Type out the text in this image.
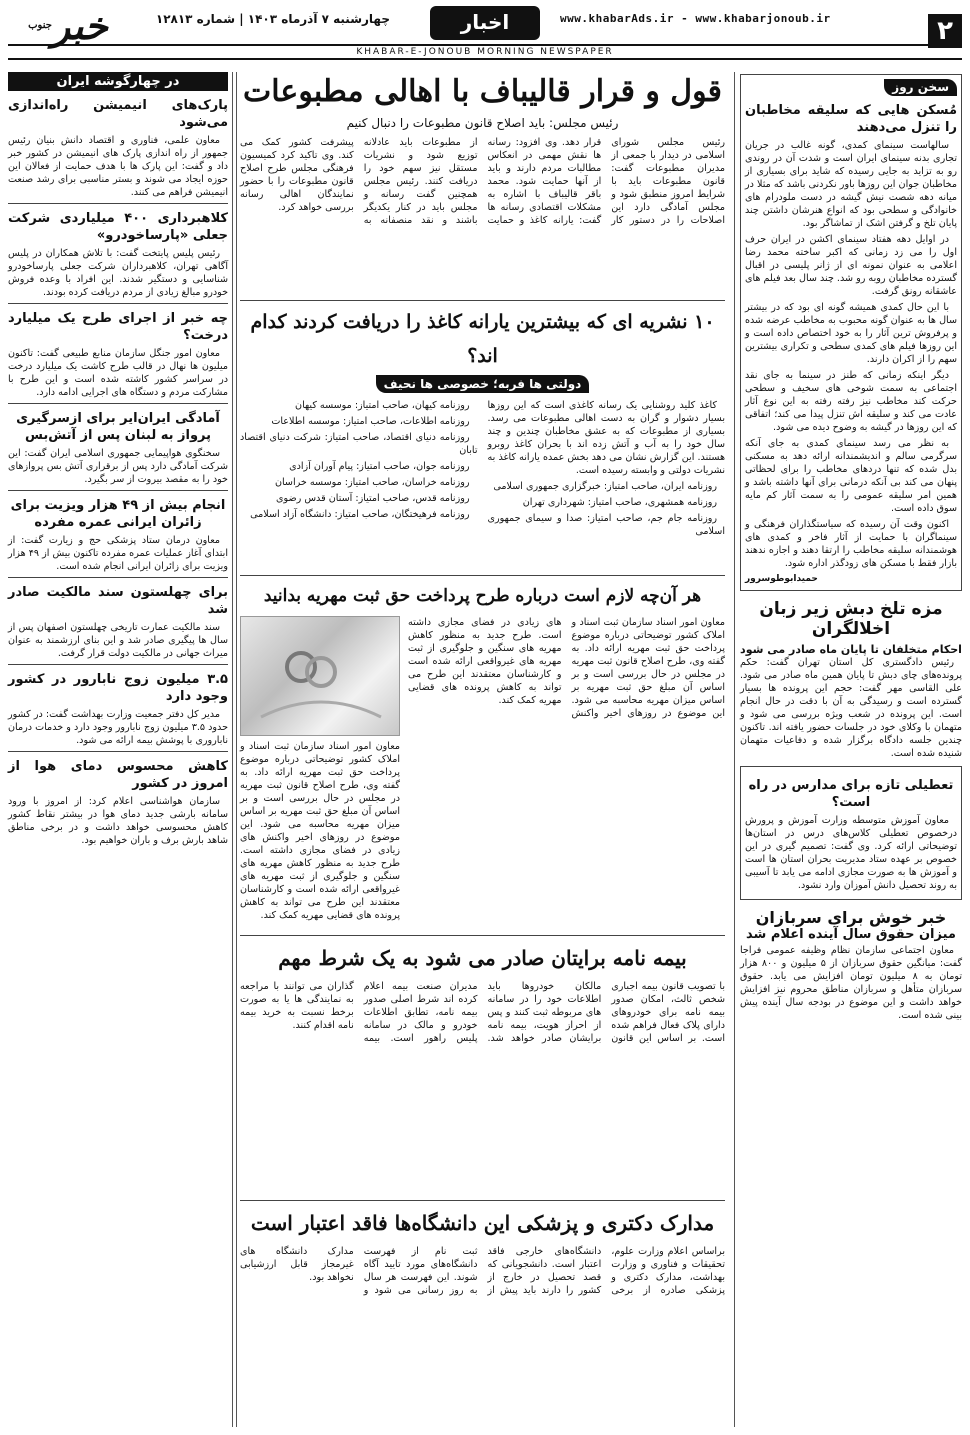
۲
www.khabarAds.ir - www.khabarjonoub.ir
اخبار
چهارشنبه ۷ آذرماه ۱۴۰۳ | شماره ۱۲۸۱۳
خبر$^{جنوب}$
KHABAR-E-JONOUB MORNING NEWSPAPER
سخن روز
مُسکن هایی که سلیقه مخاطبان را تنزل می‌دهند

سالهاست سینمای کمدی، گونه غالب در جریان تجاری بدنه سینمای ایران است و شدت آن در روندی رو به تزاید به جایی رسیده که شاید برای بسیاری از مخاطبان جوان این روزها باور نکردنی باشد که مثلا در میانه دهه شصت نیش گیشه در دست ملودرام های خانوادگی و سطحی بود که انواع هنرشان داشتن چند پایان تلخ و گرفتن اشک از تماشاگر بود.

در اوایل دهه هفتاد سینمای اکشن در ایران حرف اول را می زد زمانی که اکبر ساخته محمد رضا اعلامی به عنوان نمونه ای از ژانر پلیسی در اقبال گسترده مخاطبان روبه رو شد. چند سال بعد فیلم های عاشقانه رونق گرفت.

با این حال کمدی همیشه گونه ای بود که در بیشتر سال ها به عنوان گونه محبوب به مخاطب عرضه شده و پرفروش ترین آثار را به خود اختصاص داده است و این روزها فیلم های کمدی سطحی و تکراری بیشترین سهم را از اکران دارند.

دیگر اینکه زمانی که طنز در سینما به جای نقد اجتماعی به سمت شوخی های سخیف و سطحی حرکت کند مخاطب نیز رفته رفته به این نوع آثار عادت می کند و سلیقه اش تنزل پیدا می کند؛ اتفاقی که این روزها در گیشه به وضوح دیده می شود.

به نظر می رسد سینمای کمدی به جای آنکه سرگرمی سالم و اندیشمندانه ارائه دهد به مسکنی بدل شده که تنها دردهای مخاطب را برای لحظاتی پنهان می کند بی آنکه درمانی برای آنها داشته باشد و همین امر سلیقه عمومی را به سمت آثار کم مایه سوق داده است.

اکنون وقت آن رسیده که سیاستگذاران فرهنگی و سینماگران با حمایت از آثار فاخر و کمدی های هوشمندانه سلیقه مخاطب را ارتقا دهند و اجازه ندهند بازار فقط با مسکن های زودگذر اداره شود.

حمیدابوطوسرور
مزه تلخ دبش زیر زبان اخلالگران
احکام متخلفان تا پایان ماه صادر می شود

رئیس دادگستری کل استان تهران گفت: حکم پرونده‌های چای دبش تا پایان همین ماه صادر می شود. علی القاسی مهر گفت: حجم این پرونده ها بسیار گسترده است و رسیدگی به آن با دقت در حال انجام است. این پرونده در شعب ویژه بررسی می شود و متهمان با وکلای خود در جلسات حضور یافته اند. تاکنون چندین جلسه دادگاه برگزار شده و دفاعیات متهمان شنیده شده است.

تعطیلی تازه برای مدارس در راه است؟

معاون آموزش متوسطه وزارت آموزش و پرورش درخصوص تعطیلی کلاس‌های درس در استان‌ها توضیحاتی ارائه کرد. وی گفت: تصمیم گیری در این خصوص بر عهده ستاد مدیریت بحران استان ها است و آموزش ها به صورت مجازی ادامه می یابد تا آسیبی به روند تحصیل دانش آموزان وارد نشود.

خبر خوش برای سربازان
میزان حقوق سال آینده اعلام شد

معاون اجتماعی سازمان نظام وظیفه عمومی فراجا گفت: میانگین حقوق سربازان از ۵ میلیون و ۸۰۰ هزار تومان به ۸ میلیون تومان افزایش می یابد. حقوق سربازان متأهل و سربازان مناطق محروم نیز افزایش خواهد داشت و این موضوع در بودجه سال آینده پیش بینی شده است.

در چهارگوشه ایران
پارک‌های انیمیشن راه‌اندازی می‌شود

معاون علمی، فناوری و اقتصاد دانش بنیان رئیس جمهور از راه اندازی پارک های انیمیشن در کشور خبر داد و گفت: این پارک ها با هدف حمایت از فعالان این حوزه ایجاد می شوند و بستر مناسبی برای رشد صنعت انیمیشن فراهم می کنند.

کلاهبرداری ۴۰۰ میلیاردی شرکت جعلی «پارساخودرو»

رئیس پلیس پایتخت گفت: با تلاش همکاران در پلیس آگاهی تهران، کلاهبرداران شرکت جعلی پارساخودرو شناسایی و دستگیر شدند. این افراد با وعده فروش خودرو مبالغ زیادی از مردم دریافت کرده بودند.

چه خبر از اجرای طرح یک میلیارد درخت؟

معاون امور جنگل سازمان منابع طبیعی گفت: تاکنون میلیون ها نهال در قالب طرح کاشت یک میلیارد درخت در سراسر کشور کاشته شده است و این طرح با مشارکت مردم و دستگاه های اجرایی ادامه دارد.

آمادگی ایران‌ایر برای ازسرگیری پرواز به لبنان پس از آتش‌بس

سخنگوی هواپیمایی جمهوری اسلامی ایران گفت: این شرکت آمادگی دارد پس از برقراری آتش بس پروازهای خود را به مقصد بیروت از سر بگیرد.

انجام بیش از ۴۹ هزار ویزیت برای زائران ایرانی عمره مفرده

معاون درمان ستاد پزشکی حج و زیارت گفت: از ابتدای آغاز عملیات عمره مفرده تاکنون بیش از ۴۹ هزار ویزیت برای زائران ایرانی انجام شده است.

برای چهلستون سند مالکیت صادر شد

سند مالکیت عمارت تاریخی چهلستون اصفهان پس از سال ها پیگیری صادر شد و این بنای ارزشمند به عنوان میراث جهانی در مالکیت دولت قرار گرفت.

۳.۵ میلیون زوج نابارور در کشور وجود دارد

مدیر کل دفتر جمعیت وزارت بهداشت گفت: در کشور حدود ۳.۵ میلیون زوج نابارور وجود دارد و خدمات درمان ناباروری با پوشش بیمه ارائه می شود.

کاهش محسوس دمای هوا از امروز در کشور

سازمان هواشناسی اعلام کرد: از امروز با ورود سامانه بارشی جدید دمای هوا در بیشتر نقاط کشور کاهش محسوسی خواهد داشت و در برخی مناطق شاهد بارش برف و باران خواهیم بود.

قول و قرار قالیباف با اهالی مطبوعات
رئیس مجلس: باید اصلاح قانون مطبوعات را دنبال کنیم
رئیس مجلس شورای اسلامی در دیدار با جمعی از مدیران مطبوعات گفت: قانون مطبوعات باید با شرایط امروز منطبق شود و مجلس آمادگی دارد این اصلاحات را در دستور کار قرار دهد. وی افزود: رسانه ها نقش مهمی در انعکاس مطالبات مردم دارند و باید از آنها حمایت شود. محمد باقر قالیباف با اشاره به مشکلات اقتصادی رسانه ها گفت: یارانه کاغذ و حمایت از مطبوعات باید عادلانه توزیع شود و نشریات مستقل نیز سهم خود را دریافت کنند. رئیس مجلس همچنین گفت رسانه و مجلس باید در کنار یکدیگر باشند و نقد منصفانه به پیشرفت کشور کمک می کند. وی تاکید کرد کمیسیون فرهنگی مجلس طرح اصلاح قانون مطبوعات را با حضور نمایندگان اهالی رسانه بررسی خواهد کرد.
۱۰ نشریه ای که بیشترین یارانه کاغذ را دریافت کردند کدام اند؟
دولتی ها فربه؛ خصوصی ها نحیف

کاغذ کلید روشنایی یک رسانه کاغذی است که این روزها بسیار دشوار و گران به دست اهالی مطبوعات می رسد. بسیاری از مطبوعات که به عشق مخاطبان چندین و چند سال خود را به آب و آتش زده اند با بحران کاغذ روبرو هستند. این گزارش نشان می دهد بخش عمده یارانه کاغذ به نشریات دولتی و وابسته رسیده است.

روزنامه ایران، صاحب امتیاز: خبرگزاری جمهوری اسلامی

روزنامه همشهری، صاحب امتیاز: شهرداری تهران

روزنامه جام جم، صاحب امتیاز: صدا و سیمای جمهوری اسلامی

روزنامه کیهان، صاحب امتیاز: موسسه کیهان

روزنامه اطلاعات، صاحب امتیاز: موسسه اطلاعات

روزنامه دنیای اقتصاد، صاحب امتیاز: شرکت دنیای اقتصاد تابان

روزنامه جوان، صاحب امتیاز: پیام آوران آزادی

روزنامه خراسان، صاحب امتیاز: موسسه خراسان

روزنامه قدس، صاحب امتیاز: آستان قدس رضوی

روزنامه فرهیختگان، صاحب امتیاز: دانشگاه آزاد اسلامی

هر آن‌چه لازم است درباره طرح پرداخت حق ثبت مهریه بدانید
معاون امور اسناد سازمان ثبت اسناد و املاک کشور توضیحاتی درباره موضوع پرداخت حق ثبت مهریه ارائه داد. به گفته وی، طرح اصلاح قانون ثبت مهریه در مجلس در حال بررسی است و بر اساس آن مبلغ حق ثبت مهریه بر اساس میزان مهریه محاسبه می شود. این موضوع در روزهای اخیر واکنش های زیادی در فضای مجازی داشته است. طرح جدید به منظور کاهش مهریه های سنگین و جلوگیری از ثبت مهریه های غیرواقعی ارائه شده است و کارشناسان معتقدند این طرح می تواند به کاهش پرونده های قضایی مهریه کمک کند.
معاون امور اسناد سازمان ثبت اسناد و املاک کشور توضیحاتی درباره موضوع پرداخت حق ثبت مهریه ارائه داد. به گفته وی، طرح اصلاح قانون ثبت مهریه در مجلس در حال بررسی است و بر اساس آن مبلغ حق ثبت مهریه بر اساس میزان مهریه محاسبه می شود. این موضوع در روزهای اخیر واکنش های زیادی در فضای مجازی داشته است. طرح جدید به منظور کاهش مهریه های سنگین و جلوگیری از ثبت مهریه های غیرواقعی ارائه شده است و کارشناسان معتقدند این طرح می تواند به کاهش پرونده های قضایی مهریه کمک کند.
بیمه نامه برایتان صادر می شود به یک شرط مهم
با تصویب قانون بیمه اجباری شخص ثالث، امکان صدور بیمه نامه برای خودروهای دارای پلاک فعال فراهم شده است. بر اساس این قانون مالکان خودروها باید اطلاعات خود را در سامانه های مربوطه ثبت کنند و پس از احراز هویت، بیمه نامه برایشان صادر خواهد شد. مدیران صنعت بیمه اعلام کرده اند شرط اصلی صدور بیمه نامه، تطابق اطلاعات خودرو و مالک در سامانه پلیس راهور است. بیمه گذاران می توانند با مراجعه به نمایندگی ها یا به صورت برخط نسبت به خرید بیمه نامه اقدام کنند.
مدارک دکتری و پزشکی این دانشگاه‌ها فاقد اعتبار است
براساس اعلام وزارت علوم، تحقیقات و فناوری و وزارت بهداشت، مدارک دکتری و پزشکی صادره از برخی دانشگاه‌های خارجی فاقد اعتبار است. دانشجویانی که قصد تحصیل در خارج از کشور را دارند باید پیش از ثبت نام از فهرست دانشگاه‌های مورد تایید آگاه شوند. این فهرست هر سال به روز رسانی می شود و مدارک دانشگاه های غیرمجاز قابل ارزشیابی نخواهد بود.
